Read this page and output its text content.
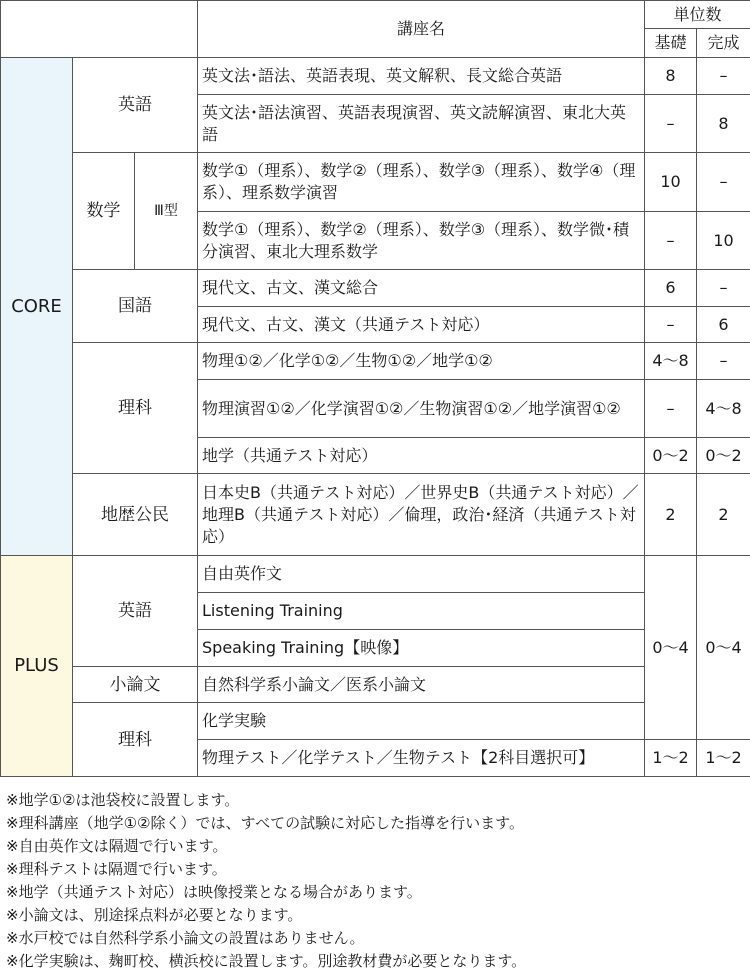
			講座名	単位数	
				基礎	完成
CORE	英語		英文法･語法、英語表現、英文解釈、長文総合英語	8	–
			英文法･語法演習、英語表現演習、英文読解演習、東北大英語	–	8
	数学	Ⅲ型	数学①（理系）、数学②（理系）、数学③（理系）、数学④（理系）、理系数学演習	10	–
			数学①（理系）、数学②（理系）、数学③（理系）、数学微･積分演習、東北大理系数学	–	10
	国語		現代文、古文、漢文総合	6	–
			現代文、古文、漢文（共通テスト対応）	–	6
	理科		物理①②／化学①②／生物①②／地学①②	4～8	–
			物理演習①②／化学演習①②／生物演習①②／地学演習①②	–	4～8
			地学（共通テスト対応）	0～2	0～2
	地歴公民		日本史B（共通テスト対応）／世界史B（共通テスト対応）／地理B（共通テスト対応）／倫理，政治･経済（共通テスト対応）	2	2
PLUS	英語		自由英作文	0～4	0～4
			Listening Training		
			Speaking Training【映像】		
	小論文		自然科学系小論文／医系小論文		
	理科		化学実験		
			物理テスト／化学テスト／生物テスト【2科目選択可】	1～2	1～2
※地学①②は池袋校に設置します。
※理科講座（地学①②除く）では、すべての試験に対応した指導を行います。
※自由英作文は隔週で行います。
※理科テストは隔週で行います。
※地学（共通テスト対応）は映像授業となる場合があります。
※小論文は、別途採点料が必要となります。
※水戸校では自然科学系小論文の設置はありません。
※化学実験は、麹町校、横浜校に設置します。別途教材費が必要となります。
